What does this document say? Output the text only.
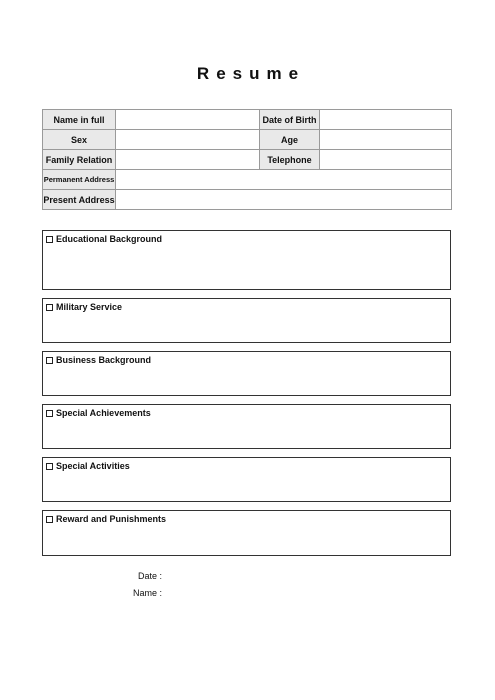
Resume
Name in full		Date of Birth	
Sex		Age	
Family Relation		Telephone	
Permanent Address			
Present Address			
Educational Background
Military Service
Business Background
Special Achievements
Special Activities
Reward and Punishments
Date :
Name :
